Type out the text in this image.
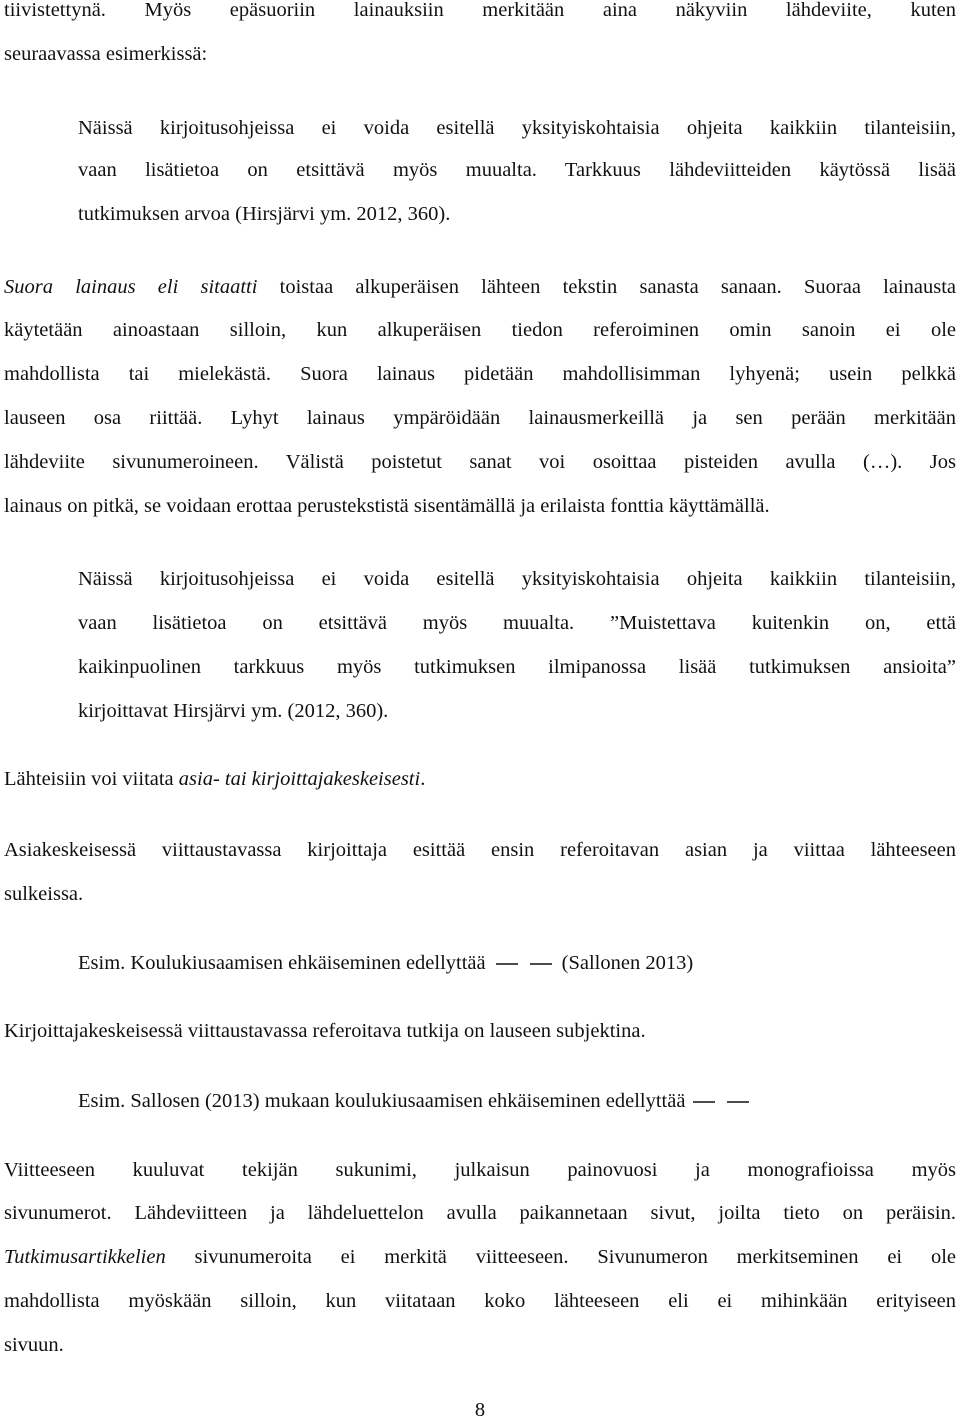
tiivistettynä. Myös epäsuoriin lainauksiin merkitään aina näkyviin lähdeviite, kuten
seuraavassa esimerkissä:
Näissä kirjoitusohjeissa ei voida esitellä yksityiskohtaisia ohjeita kaikkiin tilanteisiin,
vaan lisätietoa on etsittävä myös muualta. Tarkkuus lähdeviitteiden käytössä lisää
tutkimuksen arvoa (Hirsjärvi ym. 2012, 360).
Suora lainaus eli sitaatti toistaa alkuperäisen lähteen tekstin sanasta sanaan. Suoraa lainausta
käytetään ainoastaan silloin, kun alkuperäisen tiedon referoiminen omin sanoin ei ole
mahdollista tai mielekästä. Suora lainaus pidetään mahdollisimman lyhyenä; usein pelkkä
lauseen osa riittää. Lyhyt lainaus ympäröidään lainausmerkeillä ja sen perään merkitään
lähdeviite sivunumeroineen. Välistä poistetut sanat voi osoittaa pisteiden avulla (…). Jos
lainaus on pitkä, se voidaan erottaa perustekstistä sisentämällä ja erilaista fonttia käyttämällä.
Näissä kirjoitusohjeissa ei voida esitellä yksityiskohtaisia ohjeita kaikkiin tilanteisiin,
vaan lisätietoa on etsittävä myös muualta. ”Muistettava kuitenkin on, että
kaikinpuolinen tarkkuus myös tutkimuksen ilmipanossa lisää tutkimuksen ansioita”
kirjoittavat Hirsjärvi ym. (2012, 360).
Lähteisiin voi viitata asia- tai kirjoittajakeskeisesti.
Asiakeskeisessä viittaustavassa kirjoittaja esittää ensin referoitavan asian ja viittaa lähteeseen
sulkeissa.
Esim. Koulukiusaamisen ehkäiseminen edellyttää	(Sallonen 2013)
Kirjoittajakeskeisessä viittaustavassa referoitava tutkija on lauseen subjektina.
Esim. Sallosen (2013) mukaan koulukiusaamisen ehkäiseminen edellyttää
Viitteeseen kuuluvat tekijän sukunimi, julkaisun painovuosi ja monografioissa myös
sivunumerot. Lähdeviitteen ja lähdeluettelon avulla paikannetaan sivut, joilta tieto on peräisin.
Tutkimusartikkelien sivunumeroita ei merkitä viitteeseen. Sivunumeron merkitseminen ei ole
mahdollista myöskään silloin, kun viitataan koko lähteeseen eli ei mihinkään erityiseen
sivuun.
8
